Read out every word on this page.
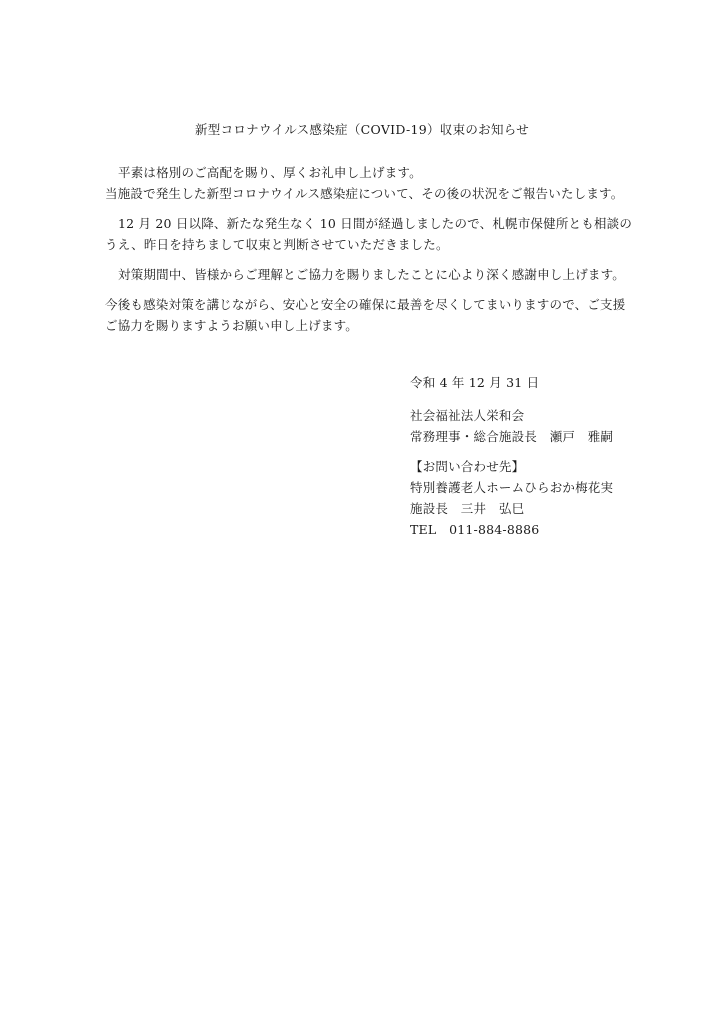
新型コロナウイルス感染症（COVID-19）収束のお知らせ
平素は格別のご高配を賜り、厚くお礼申し上げます。
当施設で発生した新型コロナウイルス感染症について、その後の状況をご報告いたします。
12 月 20 日以降、新たな発生なく 10 日間が経過しましたので、札幌市保健所とも相談の
うえ、昨日を持ちまして収束と判断させていただきました。
対策期間中、皆様からご理解とご協力を賜りましたことに心より深く感謝申し上げます。
今後も感染対策を講じながら、安心と安全の確保に最善を尽くしてまいりますので、ご支援
ご協力を賜りますようお願い申し上げます。
令和 4 年 12 月 31 日
社会福祉法人栄和会
常務理事・総合施設長　瀬戸　雅嗣
【お問い合わせ先】
特別養護老人ホームひらおか梅花実
施設長　三井　弘巳
TEL　011-884-8886
